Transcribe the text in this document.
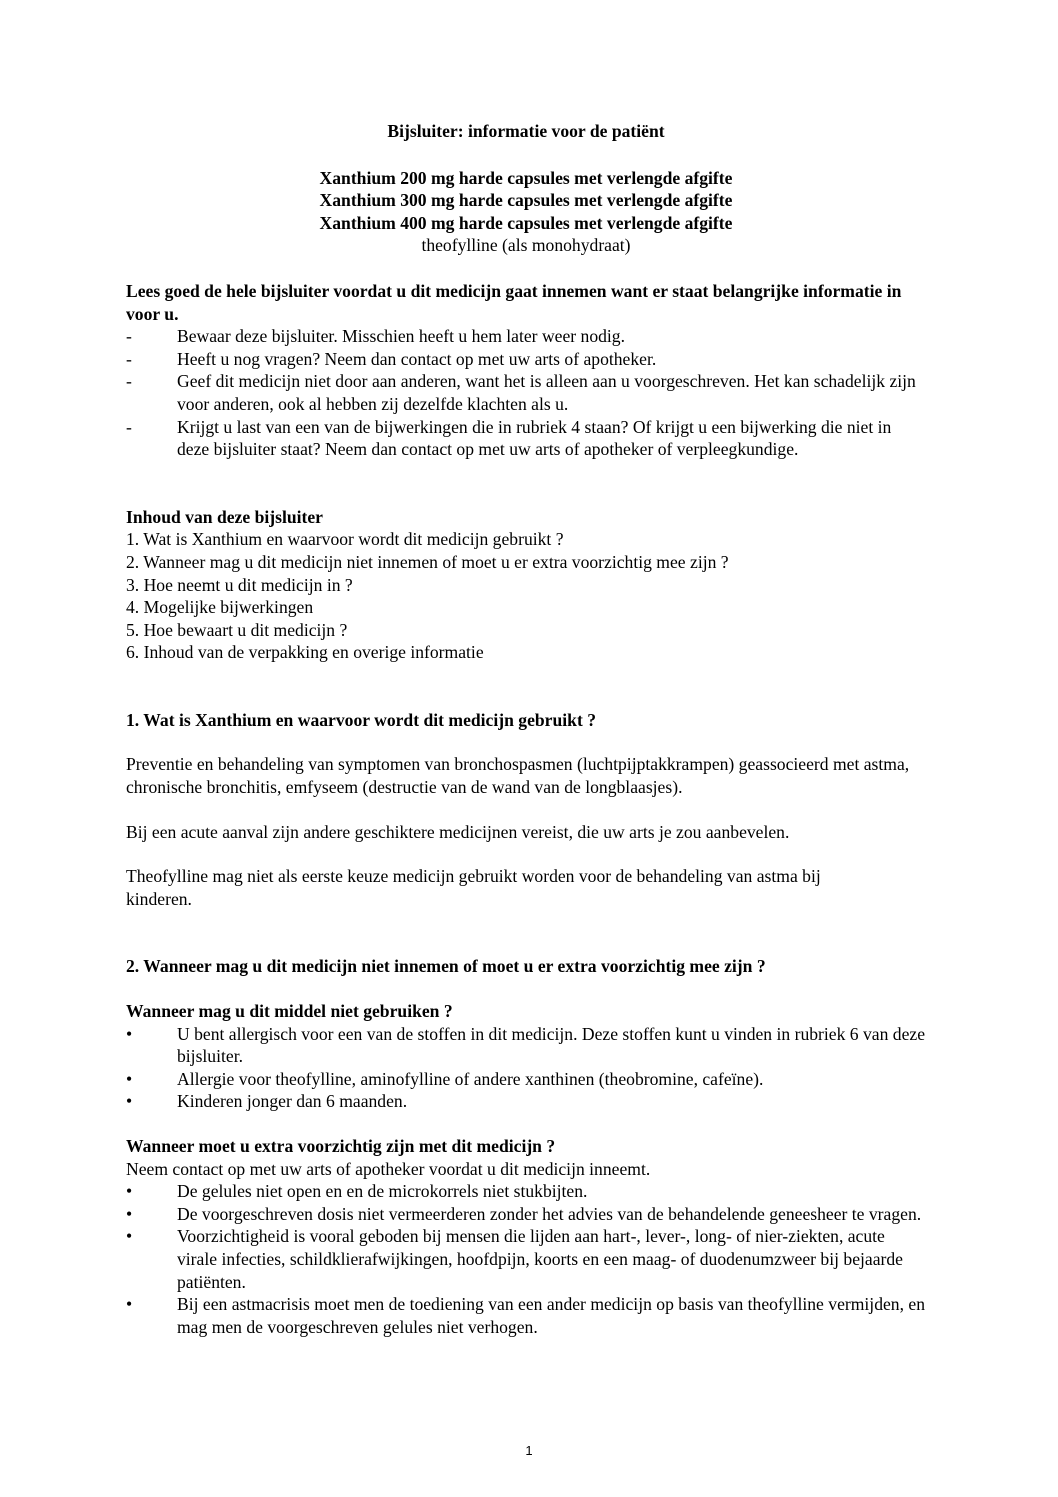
Bijsluiter: informatie voor de patiënt

Xanthium 200 mg harde capsules met verlengde afgifte
Xanthium 300 mg harde capsules met verlengde afgifte
Xanthium 400 mg harde capsules met verlengde afgifte

theofylline (als monohydraat)

Lees goed de hele bijsluiter voordat u dit medicijn gaat innemen want er staat belangrijke informatie in voor u.

-	Bewaar deze bijsluiter. Misschien heeft u hem later weer nodig.
-	Heeft u nog vragen? Neem dan contact op met uw arts of apotheker.
-	Geef dit medicijn niet door aan anderen, want het is alleen aan u voorgeschreven. Het kan schadelijk zijn voor anderen, ook al hebben zij dezelfde klachten als u.
-	Krijgt u last van een van de bijwerkingen die in rubriek 4 staan? Of krijgt u een bijwerking die niet in deze bijsluiter staat? Neem dan contact op met uw arts of apotheker of verpleegkundige.

Inhoud van deze bijsluiter

1. Wat is Xanthium en waarvoor wordt dit medicijn gebruikt ?

2. Wanneer mag u dit medicijn niet innemen of moet u er extra voorzichtig mee zijn ?

3. Hoe neemt u dit medicijn in ?

4. Mogelijke bijwerkingen

5. Hoe bewaart u dit medicijn ?

6. Inhoud van de verpakking en overige informatie

1. Wat is Xanthium en waarvoor wordt dit medicijn gebruikt ?

Preventie en behandeling van symptomen van bronchospasmen (luchtpijptakkrampen) geassocieerd met astma, chronische bronchitis, emfyseem (destructie van de wand van de longblaasjes).

Bij een acute aanval zijn andere geschiktere medicijnen vereist, die uw arts je zou aanbevelen.

Theofylline mag niet als eerste keuze medicijn gebruikt worden voor de behandeling van astma bij kinderen.

2. Wanneer mag u dit medicijn niet innemen of moet u er extra voorzichtig mee zijn ?

Wanneer mag u dit middel niet gebruiken ?

•	U bent allergisch voor een van de stoffen in dit medicijn. Deze stoffen kunt u vinden in rubriek 6 van deze bijsluiter.
•	Allergie voor theofylline, aminofylline of andere xanthinen (theobromine, cafeïne).
•	Kinderen jonger dan 6 maanden.

Wanneer moet u extra voorzichtig zijn met dit medicijn ?

Neem contact op met uw arts of apotheker voordat u dit medicijn inneemt.

•	De gelules niet open en en de microkorrels niet stukbijten.
•	De voorgeschreven dosis niet vermeerderen zonder het advies van de behandelende geneesheer te vragen.
•	Voorzichtigheid is vooral geboden bij mensen die lijden aan hart-, lever-, long- of nier-ziekten, acute virale infecties, schildklierafwijkingen, hoofdpijn, koorts en een maag- of duodenumzweer bij bejaarde patiënten.
•	Bij een astmacrisis moet men de toediening van een ander medicijn op basis van theofylline vermijden, en mag men de voorgeschreven gelules niet verhogen.
1
